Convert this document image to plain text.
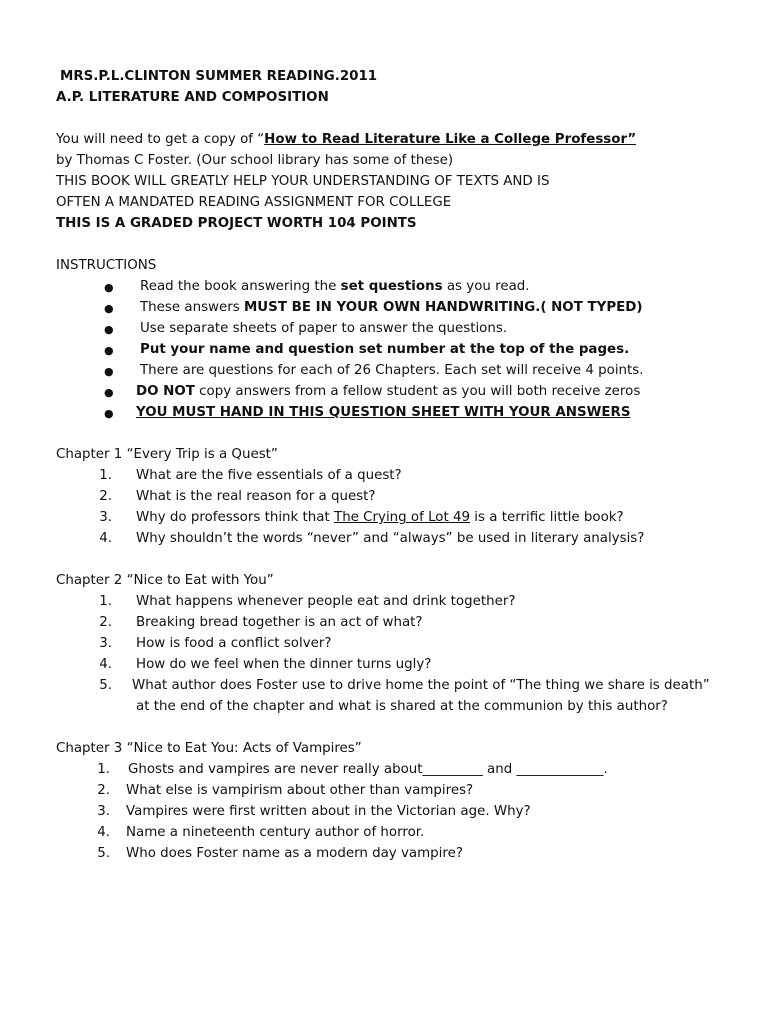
MRS.P.L.CLINTON SUMMER READING.2011
A.P. LITERATURE AND COMPOSITION
You will need to get a copy of “How to Read Literature Like a College Professor”
by Thomas C Foster. (Our school library has some of these)
THIS BOOK WILL GREATLY HELP YOUR UNDERSTANDING OF TEXTS AND IS
OFTEN A MANDATED READING ASSIGNMENT FOR COLLEGE
THIS IS A GRADED PROJECT WORTH 104 POINTS
INSTRUCTIONS
● Read the book answering the set questions as you read.
● These answers MUST BE IN YOUR OWN HANDWRITING.( NOT TYPED)
● Use separate sheets of paper to answer the questions.
● Put your name and question set number at the top of the pages.
● There are questions for each of 26 Chapters. Each set will receive 4 points.
● DO NOT copy answers from a fellow student as you will both receive zeros
● YOU MUST HAND IN THIS QUESTION SHEET WITH YOUR ANSWERS
Chapter 1 “Every Trip is a Quest”
1. What are the five essentials of a quest?
2. What is the real reason for a quest?
3. Why do professors think that The Crying of Lot 49 is a terrific little book?
4. Why shouldn’t the words “never” and “always” be used in literary analysis?
Chapter 2 “Nice to Eat with You”
1. What happens whenever people eat and drink together?
2. Breaking bread together is an act of what?
3. How is food a conflict solver?
4. How do we feel when the dinner turns ugly?
5. What author does Foster use to drive home the point of “The thing we share is death”
at the end of the chapter and what is shared at the communion by this author?
Chapter 3 “Nice to Eat You: Acts of Vampires”
1. Ghosts and vampires are never really about_________ and _____________.
2. What else is vampirism about other than vampires?
3. Vampires were first written about in the Victorian age. Why?
4. Name a nineteenth century author of horror.
5. Who does Foster name as a modern day vampire?
